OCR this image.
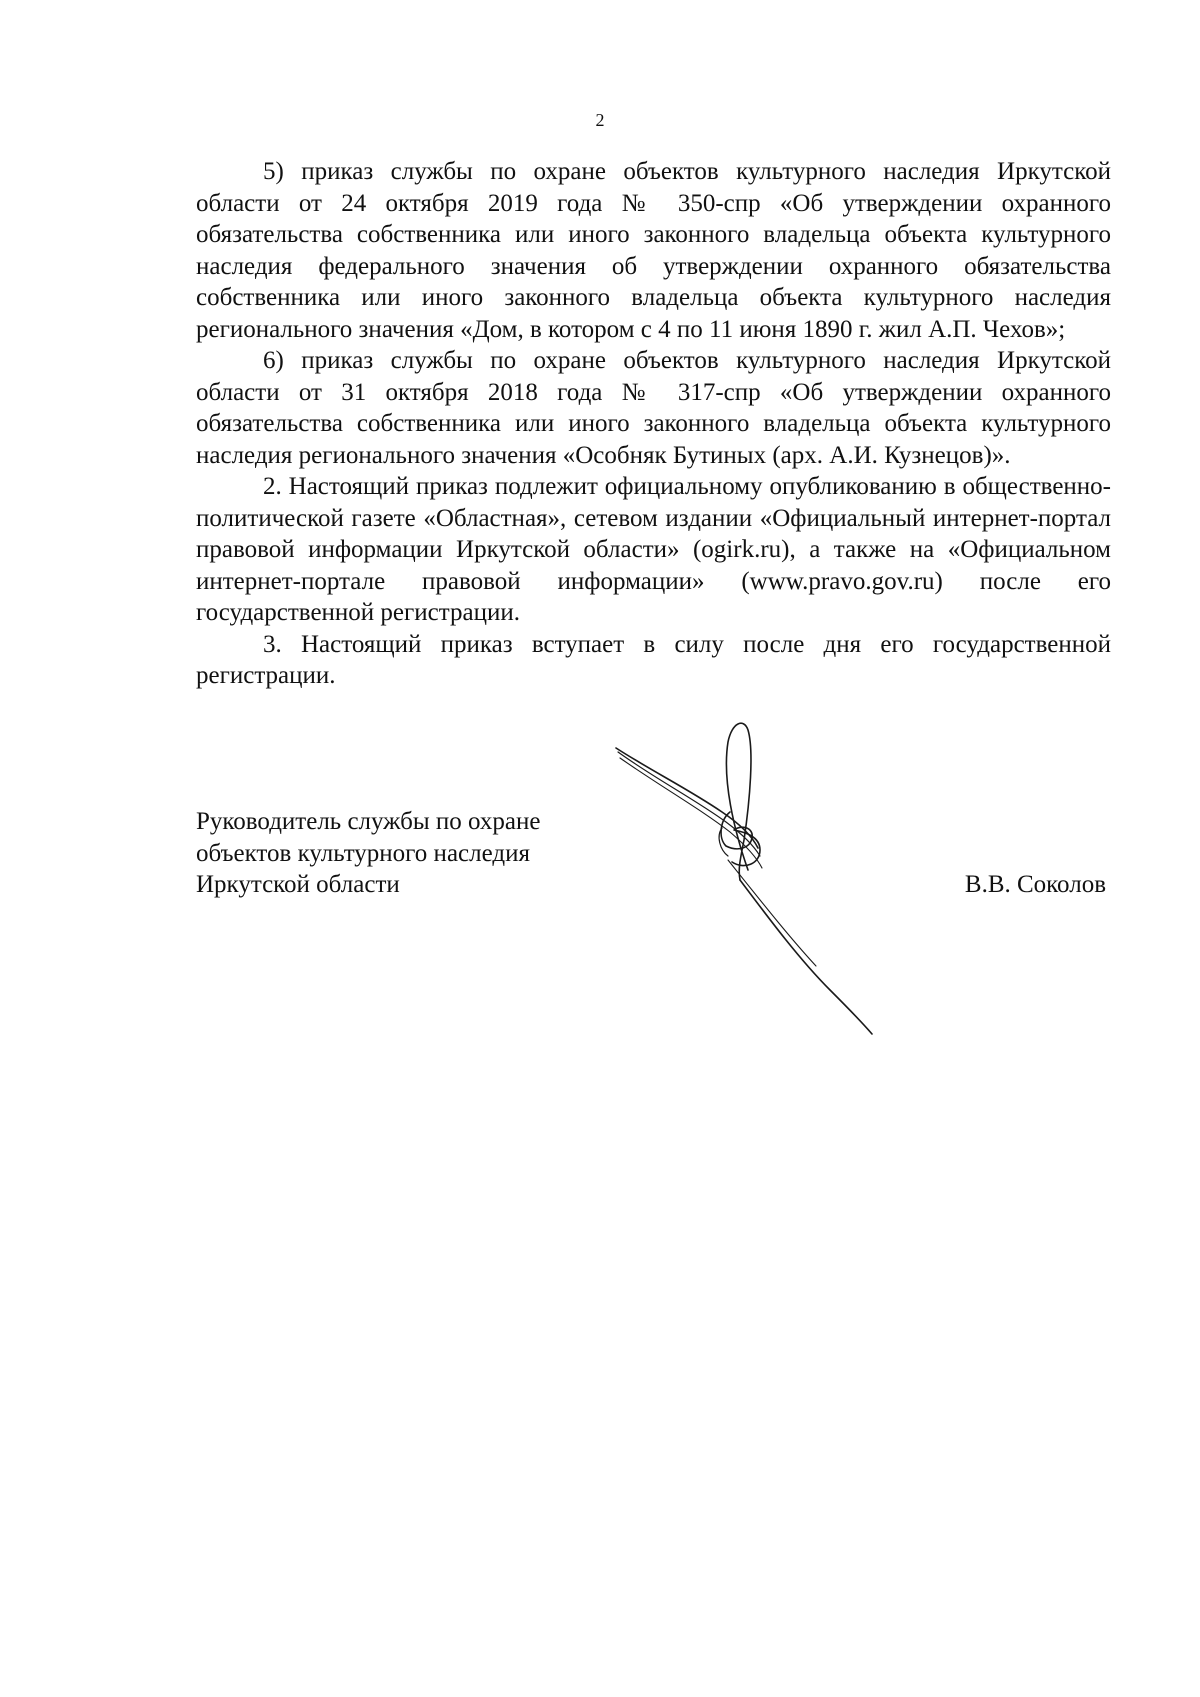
2

5) приказ службы по охране объектов культурного наследия Иркутской области от 24 октября 2019 года № 350-спр «Об утверждении охранного обязательства собственника или иного законного владельца объекта культурного наследия федерального значения об утверждении охранного обязательства собственника или иного законного владельца объекта культурного наследия регионального значения «Дом, в котором с 4 по 11 июня 1890 г. жил А.П. Чехов»;

6) приказ службы по охране объектов культурного наследия Иркутской области от 31 октября 2018 года № 317-спр «Об утверждении охранного обязательства собственника или иного законного владельца объекта культурного наследия регионального значения «Особняк Бутиных (арх. А.И. Кузнецов)».

2. Настоящий приказ подлежит официальному опубликованию в общественно-политической газете «Областная», сетевом издании «Официальный интернет-портал правовой информации Иркутской области» (ogirk.ru), а также на «Официальном интернет-портале правовой информации» (www.pravo.gov.ru) после его государственной регистрации.

3. Настоящий приказ вступает в силу после дня его государственной регистрации.

Руководитель службы по охране
объектов культурного наследия
Иркутской области	В.В. Соколов
